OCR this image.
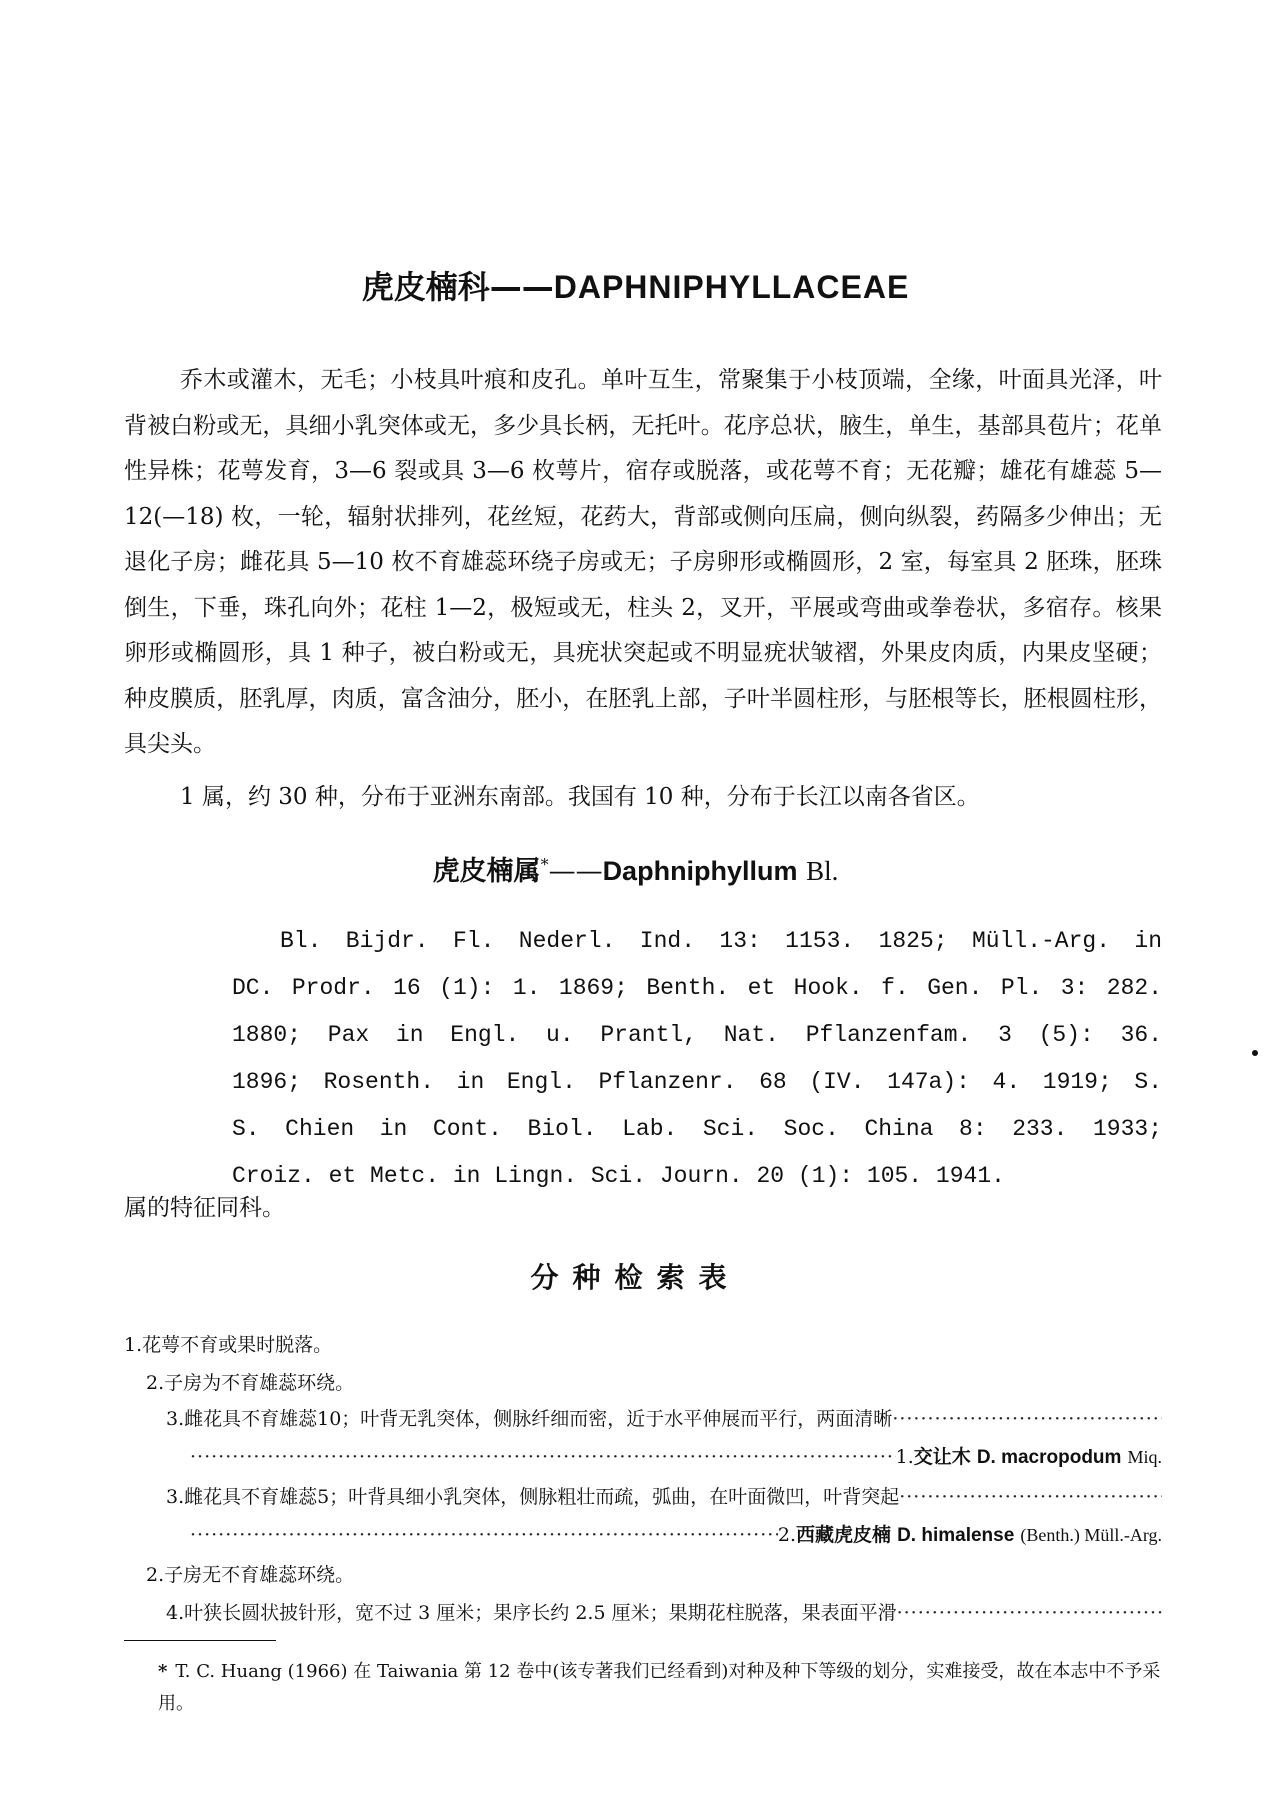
虎皮楠科——DAPHNIPHYLLACEAE

乔木或灌木，无毛；小枝具叶痕和皮孔。单叶互生，常聚集于小枝顶端，全缘，叶面具光泽，叶背被白粉或无，具细小乳突体或无，多少具长柄，无托叶。花序总状，腋生，单生，基部具苞片；花单性异株；花萼发育，3—6 裂或具 3—6 枚萼片，宿存或脱落，或花萼不育；无花瓣；雄花有雄蕊 5—12(—18) 枚，一轮，辐射状排列，花丝短，花药大，背部或侧向压扁，侧向纵裂，药隔多少伸出；无退化子房；雌花具 5—10 枚不育雄蕊环绕子房或无；子房卵形或椭圆形，2 室，每室具 2 胚珠，胚珠倒生，下垂，珠孔向外；花柱 1—2，极短或无，柱头 2，叉开，平展或弯曲或拳卷状，多宿存。核果卵形或椭圆形，具 1 种子，被白粉或无，具疣状突起或不明显疣状皱褶，外果皮肉质，内果皮坚硬；种皮膜质，胚乳厚，肉质，富含油分，胚小，在胚乳上部，子叶半圆柱形，与胚根等长，胚根圆柱形，具尖头。

1 属，约 30 种，分布于亚洲东南部。我国有 10 种，分布于长江以南各省区。

虎皮楠属*——Daphniphyllum Bl.
Bl. Bijdr. Fl. Nederl. Ind. 13: 1153. 1825; Müll.-Arg. in
DC. Prodr. 16 (1): 1. 1869; Benth. et Hook. f. Gen. Pl. 3: 282.
1880; Pax in Engl. u. Prantl, Nat. Pflanzenfam. 3 (5): 36.
1896; Rosenth. in Engl. Pflanzenr. 68 (IV. 147a): 4. 1919; S.
S. Chien in Cont. Biol. Lab. Sci. Soc. China 8: 233. 1933;
Croiz. et Metc. in Lingn. Sci. Journ. 20 (1): 105. 1941.
属的特征同科。
分种检索表
1.花萼不育或果时脱落。
2.子房为不育雄蕊环绕。
3.雌花具不育雄蕊10；叶背无乳突体，侧脉纤细而密，近于水平伸展而平行，两面清晰
·····
·····
1.交让木 D. macropodum Miq.
3.雌花具不育雄蕊5；叶背具细小乳突体，侧脉粗壮而疏，弧曲，在叶面微凹，叶背突起
·····
·····
2.西藏虎皮楠 D. himalense (Benth.) Müll.-Arg.
2.子房无不育雄蕊环绕。
4.叶狭长圆状披针形，宽不过 3 厘米；果序长约 2.5 厘米；果期花柱脱落，果表面平滑
·····
* T. C. Huang (1966) 在 Taiwania 第 12 卷中(该专著我们已经看到)对种及种下等级的划分，实难接受，故在本志中不予采用。
